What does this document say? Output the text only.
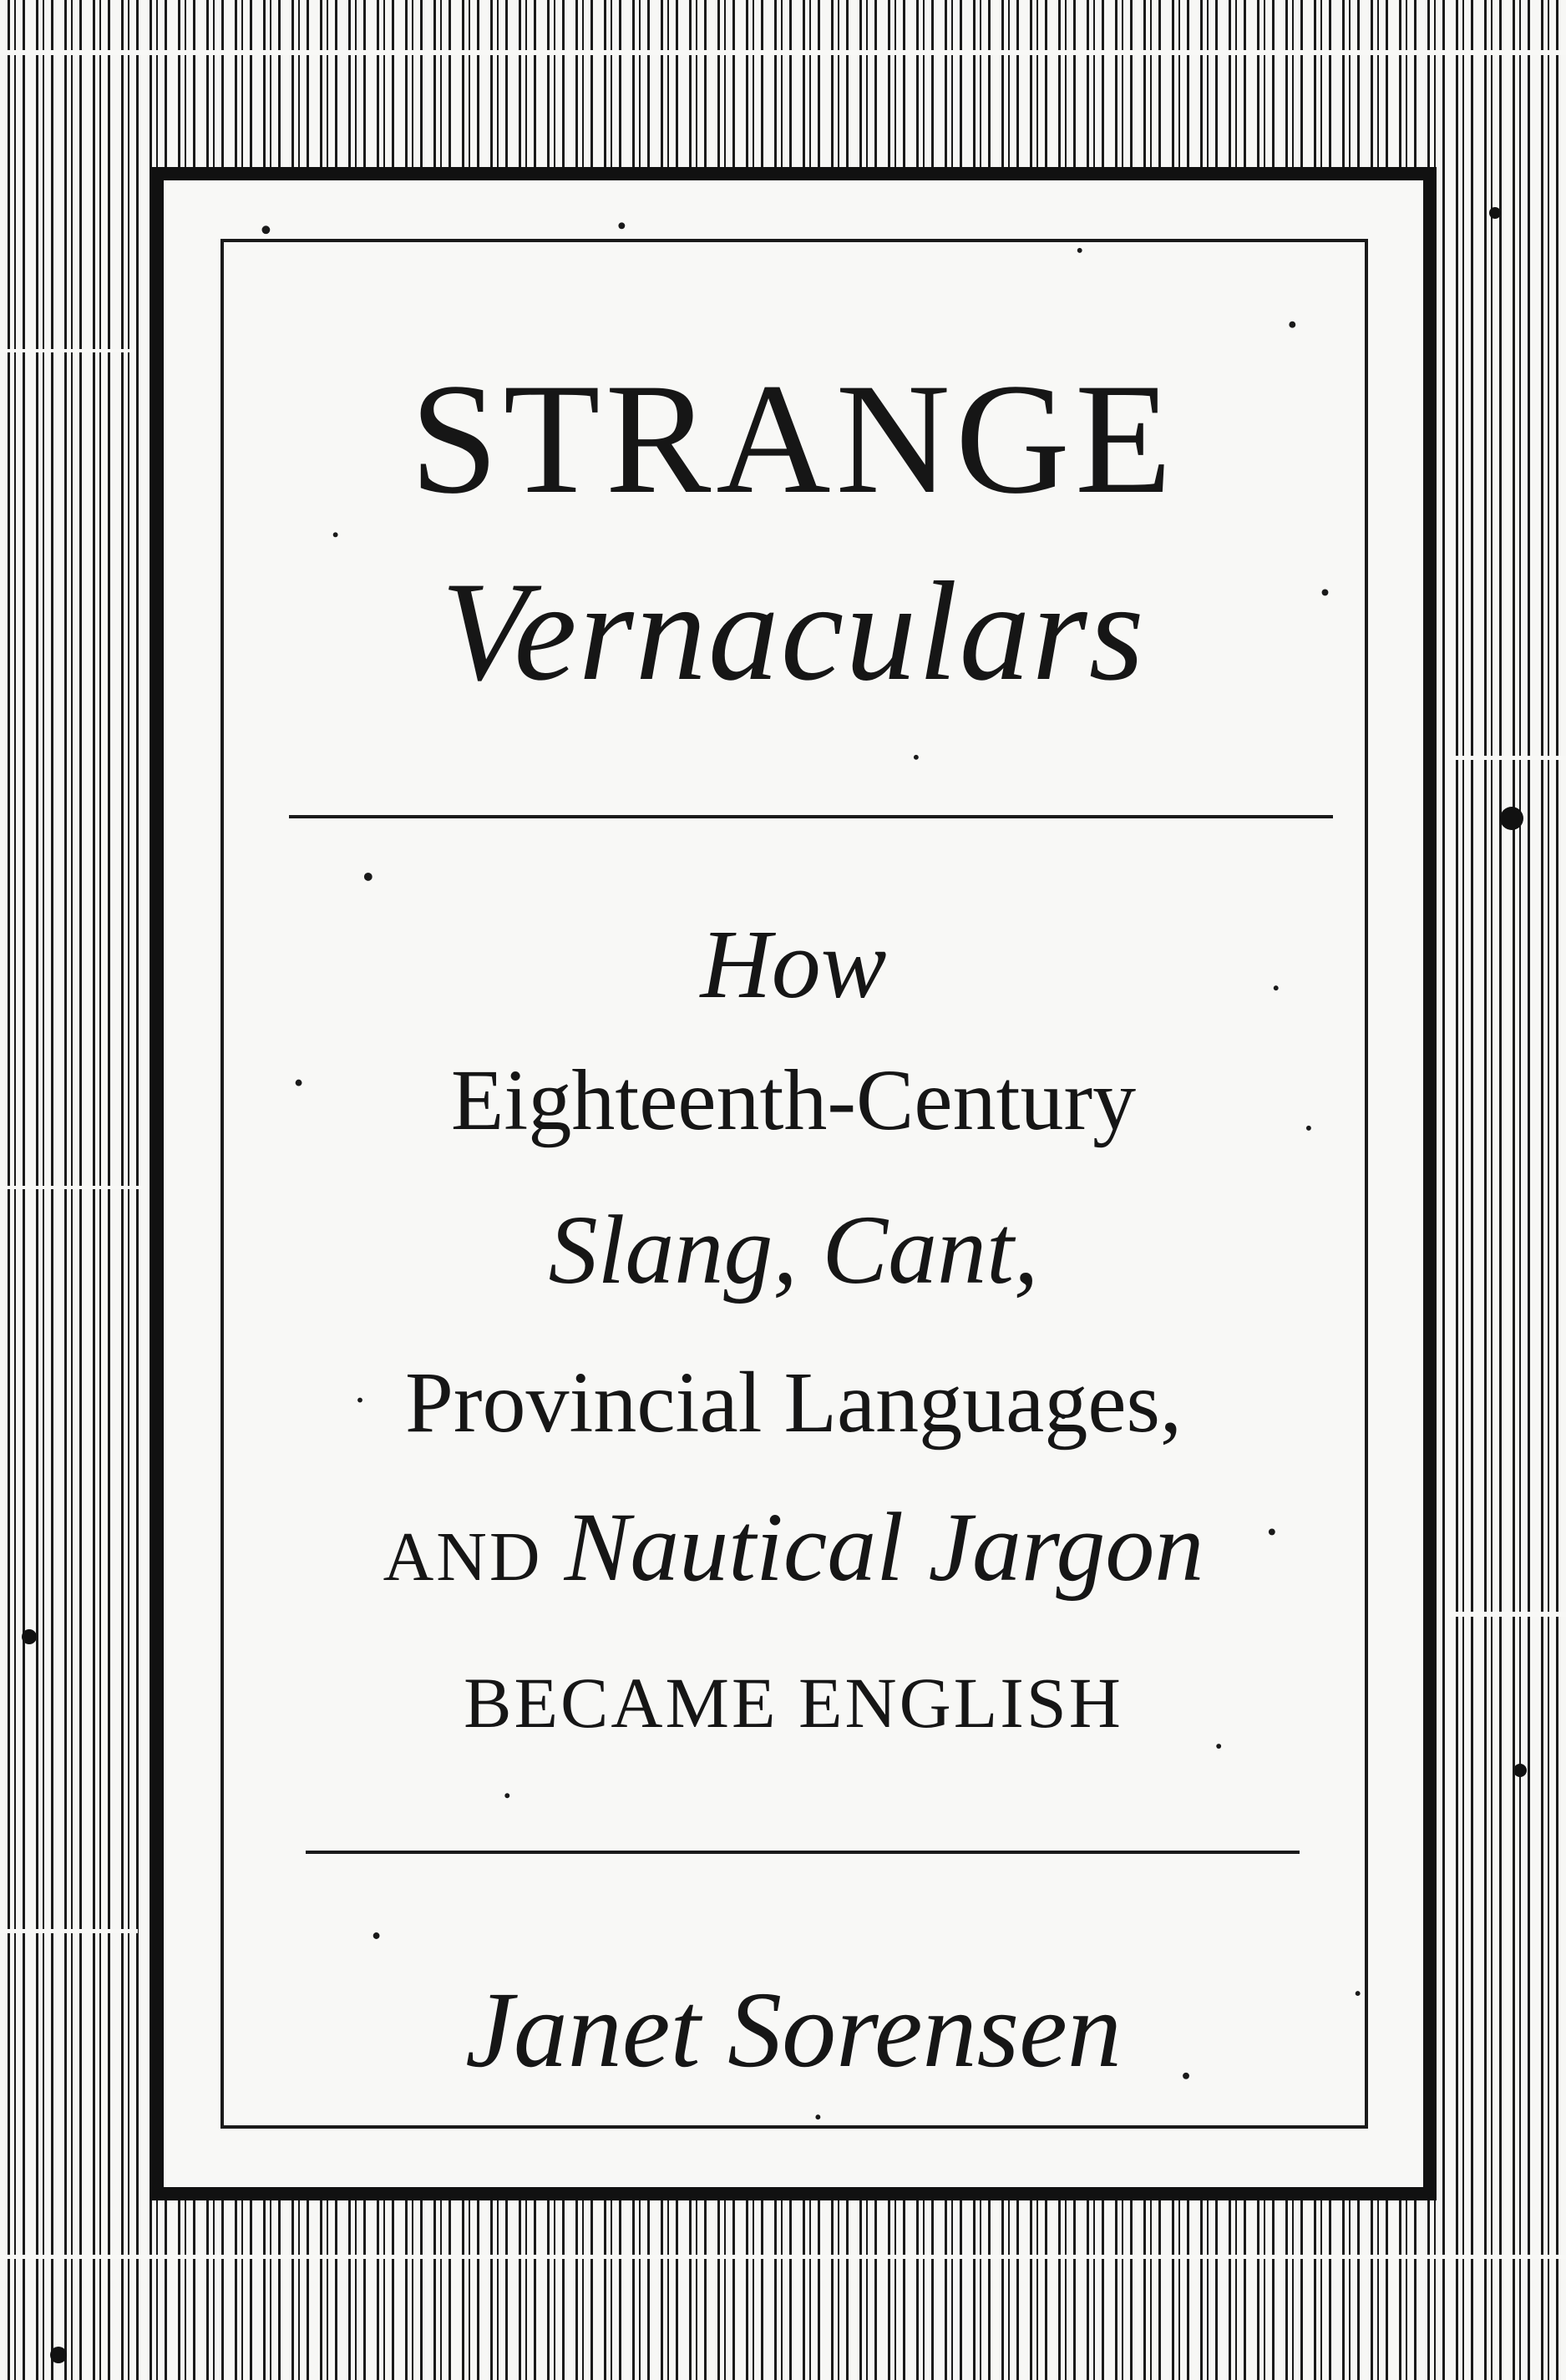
STRANGE
Vernaculars
How
Eighteenth-Century
Slang, Cant,
Provincial Languages,
AND Nautical Jargon
BECAME ENGLISH
Janet Sorensen
